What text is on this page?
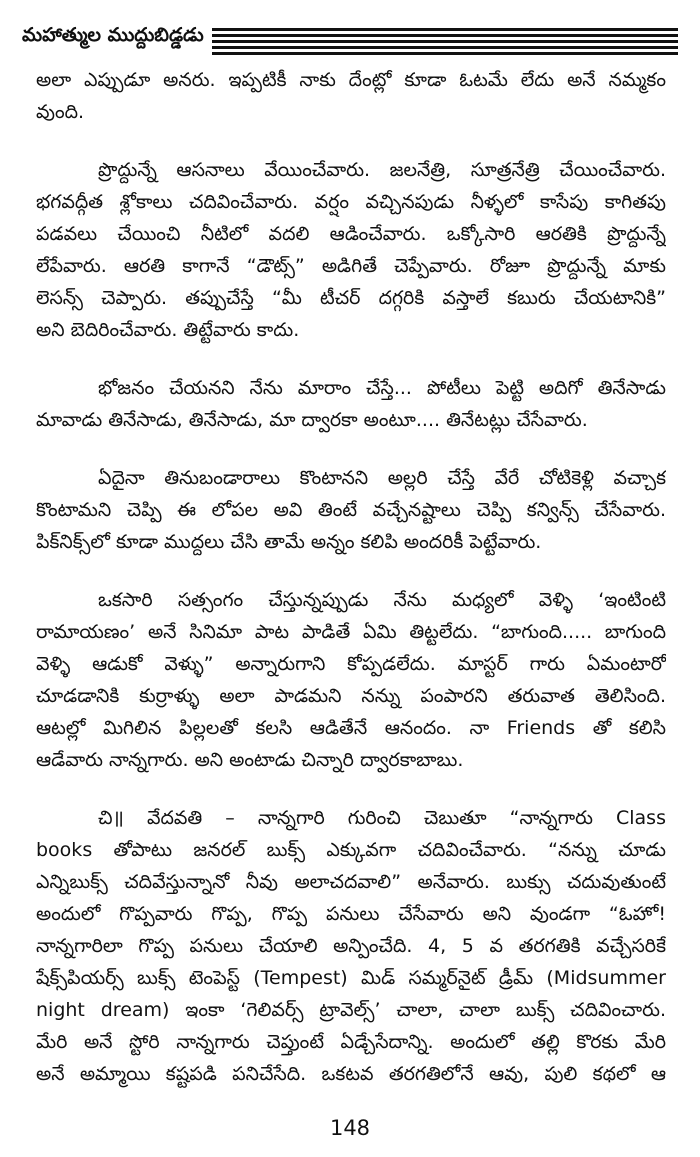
మహాత్ముల ముద్దుబిడ్డడు
అలా ఎప్పుడూ అనరు. ఇప్పటికీ నాకు దేంట్లో కూడా ఓటమే లేదు అనే నమ్మకం
వుంది.
ప్రొద్దున్నే ఆసనాలు వేయించేవారు. జలనేత్రి, సూత్రనేత్రి చేయించేవారు.
భగవద్గీత శ్లోకాలు చదివించేవారు. వర్షం వచ్చినపుడు నీళ్ళలో కాసేపు కాగితపు
పడవలు చేయించి నీటిలో వదలి ఆడించేవారు. ఒక్కోసారి ఆరతికి ప్రొద్దున్నే
లేపేవారు. ఆరతి కాగానే “డౌట్స్” అడిగితే చెప్పేవారు. రోజూ ప్రొద్దున్నే మాకు
లెసన్స్ చెప్పారు. తప్పుచేస్తే “మీ టీచర్ దగ్గరికి వస్తాలే కబురు చేయటానికి”
అని బెదిరించేవారు. తిట్టేవారు కాదు.
భోజనం చేయనని నేను మారాం చేస్తే... పోటీలు పెట్టి అదిగో తినేసాడు
మావాడు తినేసాడు, తినేసాడు, మా ద్వారకా అంటూ.... తినేటట్లు చేసేవారు.
ఏదైనా తినుబండారాలు కొంటానని అల్లరి చేస్తే వేరే చోటికెళ్లి వచ్చాక
కొంటామని చెప్పి ఈ లోపల అవి తింటే వచ్చేనష్టాలు చెప్పి కన్విన్స్ చేసేవారు.
పిక్‌నిక్స్‌లో కూడా ముద్దలు చేసి తామే అన్నం కలిపి అందరికీ పెట్టేవారు.
ఒకసారి సత్సంగం చేస్తున్నప్పుడు నేను మధ్యలో వెళ్ళి ‘ఇంటింటి
రామాయణం’ అనే సినిమా పాట పాడితే ఏమి తిట్టలేదు. “బాగుంది..... బాగుంది
వెళ్ళి ఆడుకో వెళ్ళు” అన్నారుగాని కోప్పడలేదు. మాస్టర్ గారు ఏమంటారో
చూడడానికి కుర్రాళ్ళు అలా పాడమని నన్ను పంపారని తరువాత తెలిసింది.
ఆటల్లో మిగిలిన పిల్లలతో కలసి ఆడితేనే ఆనందం. నా Friends తో కలిసి
ఆడేవారు నాన్నగారు. అని అంటాడు చిన్నారి ద్వారకాబాబు.
చి॥ వేదవతి – నాన్నగారి గురించి చెబుతూ “నాన్నగారు Class
books తోపాటు జనరల్ బుక్స్ ఎక్కువగా చదివించేవారు. “నన్ను చూడు
ఎన్నిబుక్స్ చదివేస్తున్నానో నీవు అలాచదవాలి” అనేవారు. బుక్సు చదువుతుంటే
అందులో గొప్పవారు గొప్ప, గొప్ప పనులు చేసేవారు అని వుండగా “ఓహో!
నాన్నగారిలా గొప్ప పనులు చేయాలి అన్పించేది. 4, 5 వ తరగతికి వచ్చేసరికే
షేక్స్‌పియర్స్ బుక్స్ టెంపెస్ట్ (Tempest) మిడ్ సమ్మర్‌నైట్ డ్రీమ్ (Midsummer
night dream) ఇంకా ‘గెలివర్స్ ట్రావెల్స్’ చాలా, చాలా బుక్స్ చదివించారు.
మేరి అనే స్టోరి నాన్నగారు చెప్తుంటే ఏడ్చేసేదాన్ని. అందులో తల్లి కొరకు మేరి
అనే అమ్మాయి కష్టపడి పనిచేసేది. ఒకటవ తరగతిలోనే ఆవు, పులి కథలో ఆ
148
